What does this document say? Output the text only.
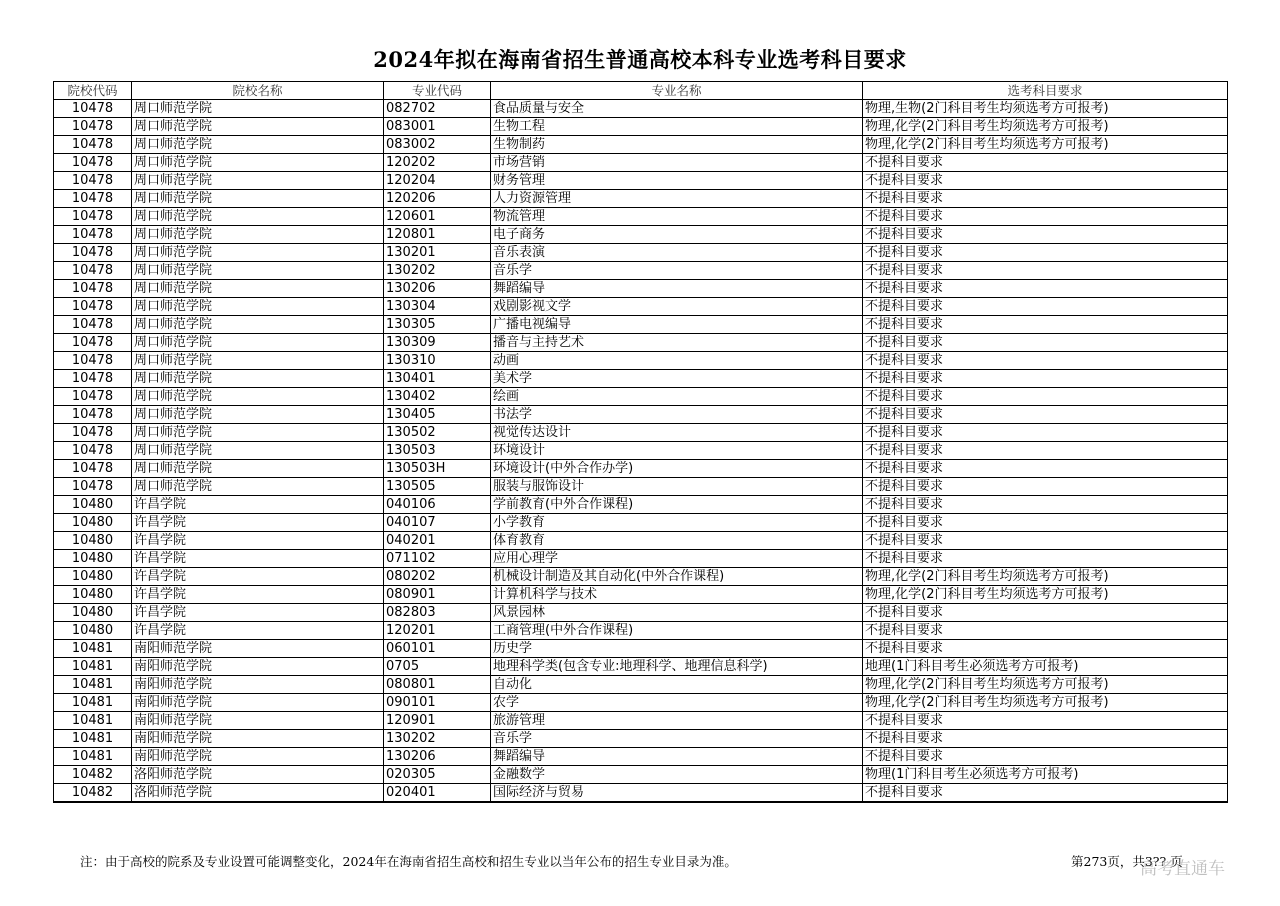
2024年拟在海南省招生普通高校本科专业选考科目要求
院校代码	院校名称	专业代码	专业名称	选考科目要求
10478	周口师范学院	082702	食品质量与安全	物理,生物(2门科目考生均须选考方可报考)
10478	周口师范学院	083001	生物工程	物理,化学(2门科目考生均须选考方可报考)
10478	周口师范学院	083002	生物制药	物理,化学(2门科目考生均须选考方可报考)
10478	周口师范学院	120202	市场营销	不提科目要求
10478	周口师范学院	120204	财务管理	不提科目要求
10478	周口师范学院	120206	人力资源管理	不提科目要求
10478	周口师范学院	120601	物流管理	不提科目要求
10478	周口师范学院	120801	电子商务	不提科目要求
10478	周口师范学院	130201	音乐表演	不提科目要求
10478	周口师范学院	130202	音乐学	不提科目要求
10478	周口师范学院	130206	舞蹈编导	不提科目要求
10478	周口师范学院	130304	戏剧影视文学	不提科目要求
10478	周口师范学院	130305	广播电视编导	不提科目要求
10478	周口师范学院	130309	播音与主持艺术	不提科目要求
10478	周口师范学院	130310	动画	不提科目要求
10478	周口师范学院	130401	美术学	不提科目要求
10478	周口师范学院	130402	绘画	不提科目要求
10478	周口师范学院	130405	书法学	不提科目要求
10478	周口师范学院	130502	视觉传达设计	不提科目要求
10478	周口师范学院	130503	环境设计	不提科目要求
10478	周口师范学院	130503H	环境设计(中外合作办学)	不提科目要求
10478	周口师范学院	130505	服装与服饰设计	不提科目要求
10480	许昌学院	040106	学前教育(中外合作课程)	不提科目要求
10480	许昌学院	040107	小学教育	不提科目要求
10480	许昌学院	040201	体育教育	不提科目要求
10480	许昌学院	071102	应用心理学	不提科目要求
10480	许昌学院	080202	机械设计制造及其自动化(中外合作课程)	物理,化学(2门科目考生均须选考方可报考)
10480	许昌学院	080901	计算机科学与技术	物理,化学(2门科目考生均须选考方可报考)
10480	许昌学院	082803	风景园林	不提科目要求
10480	许昌学院	120201	工商管理(中外合作课程)	不提科目要求
10481	南阳师范学院	060101	历史学	不提科目要求
10481	南阳师范学院	0705	地理科学类(包含专业:地理科学、地理信息科学)	地理(1门科目考生必须选考方可报考)
10481	南阳师范学院	080801	自动化	物理,化学(2门科目考生均须选考方可报考)
10481	南阳师范学院	090101	农学	物理,化学(2门科目考生均须选考方可报考)
10481	南阳师范学院	120901	旅游管理	不提科目要求
10481	南阳师范学院	130202	音乐学	不提科目要求
10481	南阳师范学院	130206	舞蹈编导	不提科目要求
10482	洛阳师范学院	020305	金融数学	物理(1门科目考生必须选考方可报考)
10482	洛阳师范学院	020401	国际经济与贸易	不提科目要求
注：由于高校的院系及专业设置可能调整变化，2024年在海南省招生高校和招生专业以当年公布的招生专业目录为准。	第273页，共3?? 页
高考直通车
